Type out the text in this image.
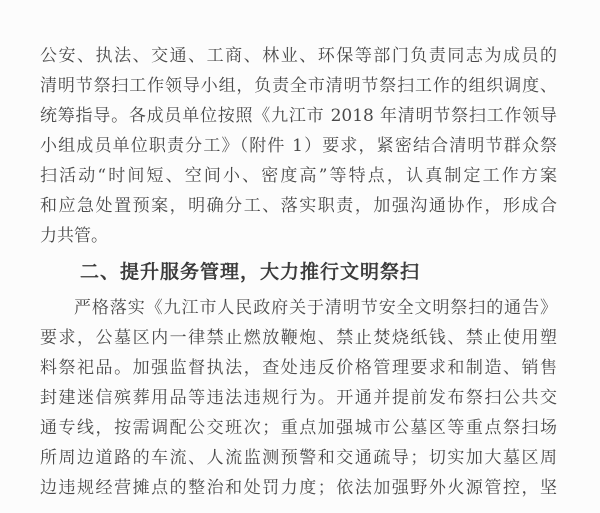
公安、执法、交通、工商、林业、环保等部门负责同志为成员的
清明节祭扫工作领导小组，负责全市清明节祭扫工作的组织调度、
统筹指导。各成员单位按照《九江市 2018 年清明节祭扫工作领导
小组成员单位职责分工》（附件 1）要求，紧密结合清明节群众祭
扫活动“时间短、空间小、密度高”等特点，认真制定工作方案
和应急处置预案，明确分工、落实职责，加强沟通协作，形成合
力共管。
二、提升服务管理，大力推行文明祭扫
严格落实《九江市人民政府关于清明节安全文明祭扫的通告》
要求，公墓区内一律禁止燃放鞭炮、禁止焚烧纸钱、禁止使用塑
料祭祀品。加强监督执法，查处违反价格管理要求和制造、销售
封建迷信殡葬用品等违法违规行为。开通并提前发布祭扫公共交
通专线，按需调配公交班次；重点加强城市公墓区等重点祭扫场
所周边道路的车流、人流监测预警和交通疏导；切实加大墓区周
边违规经营摊点的整治和处罚力度；依法加强野外火源管控，坚
